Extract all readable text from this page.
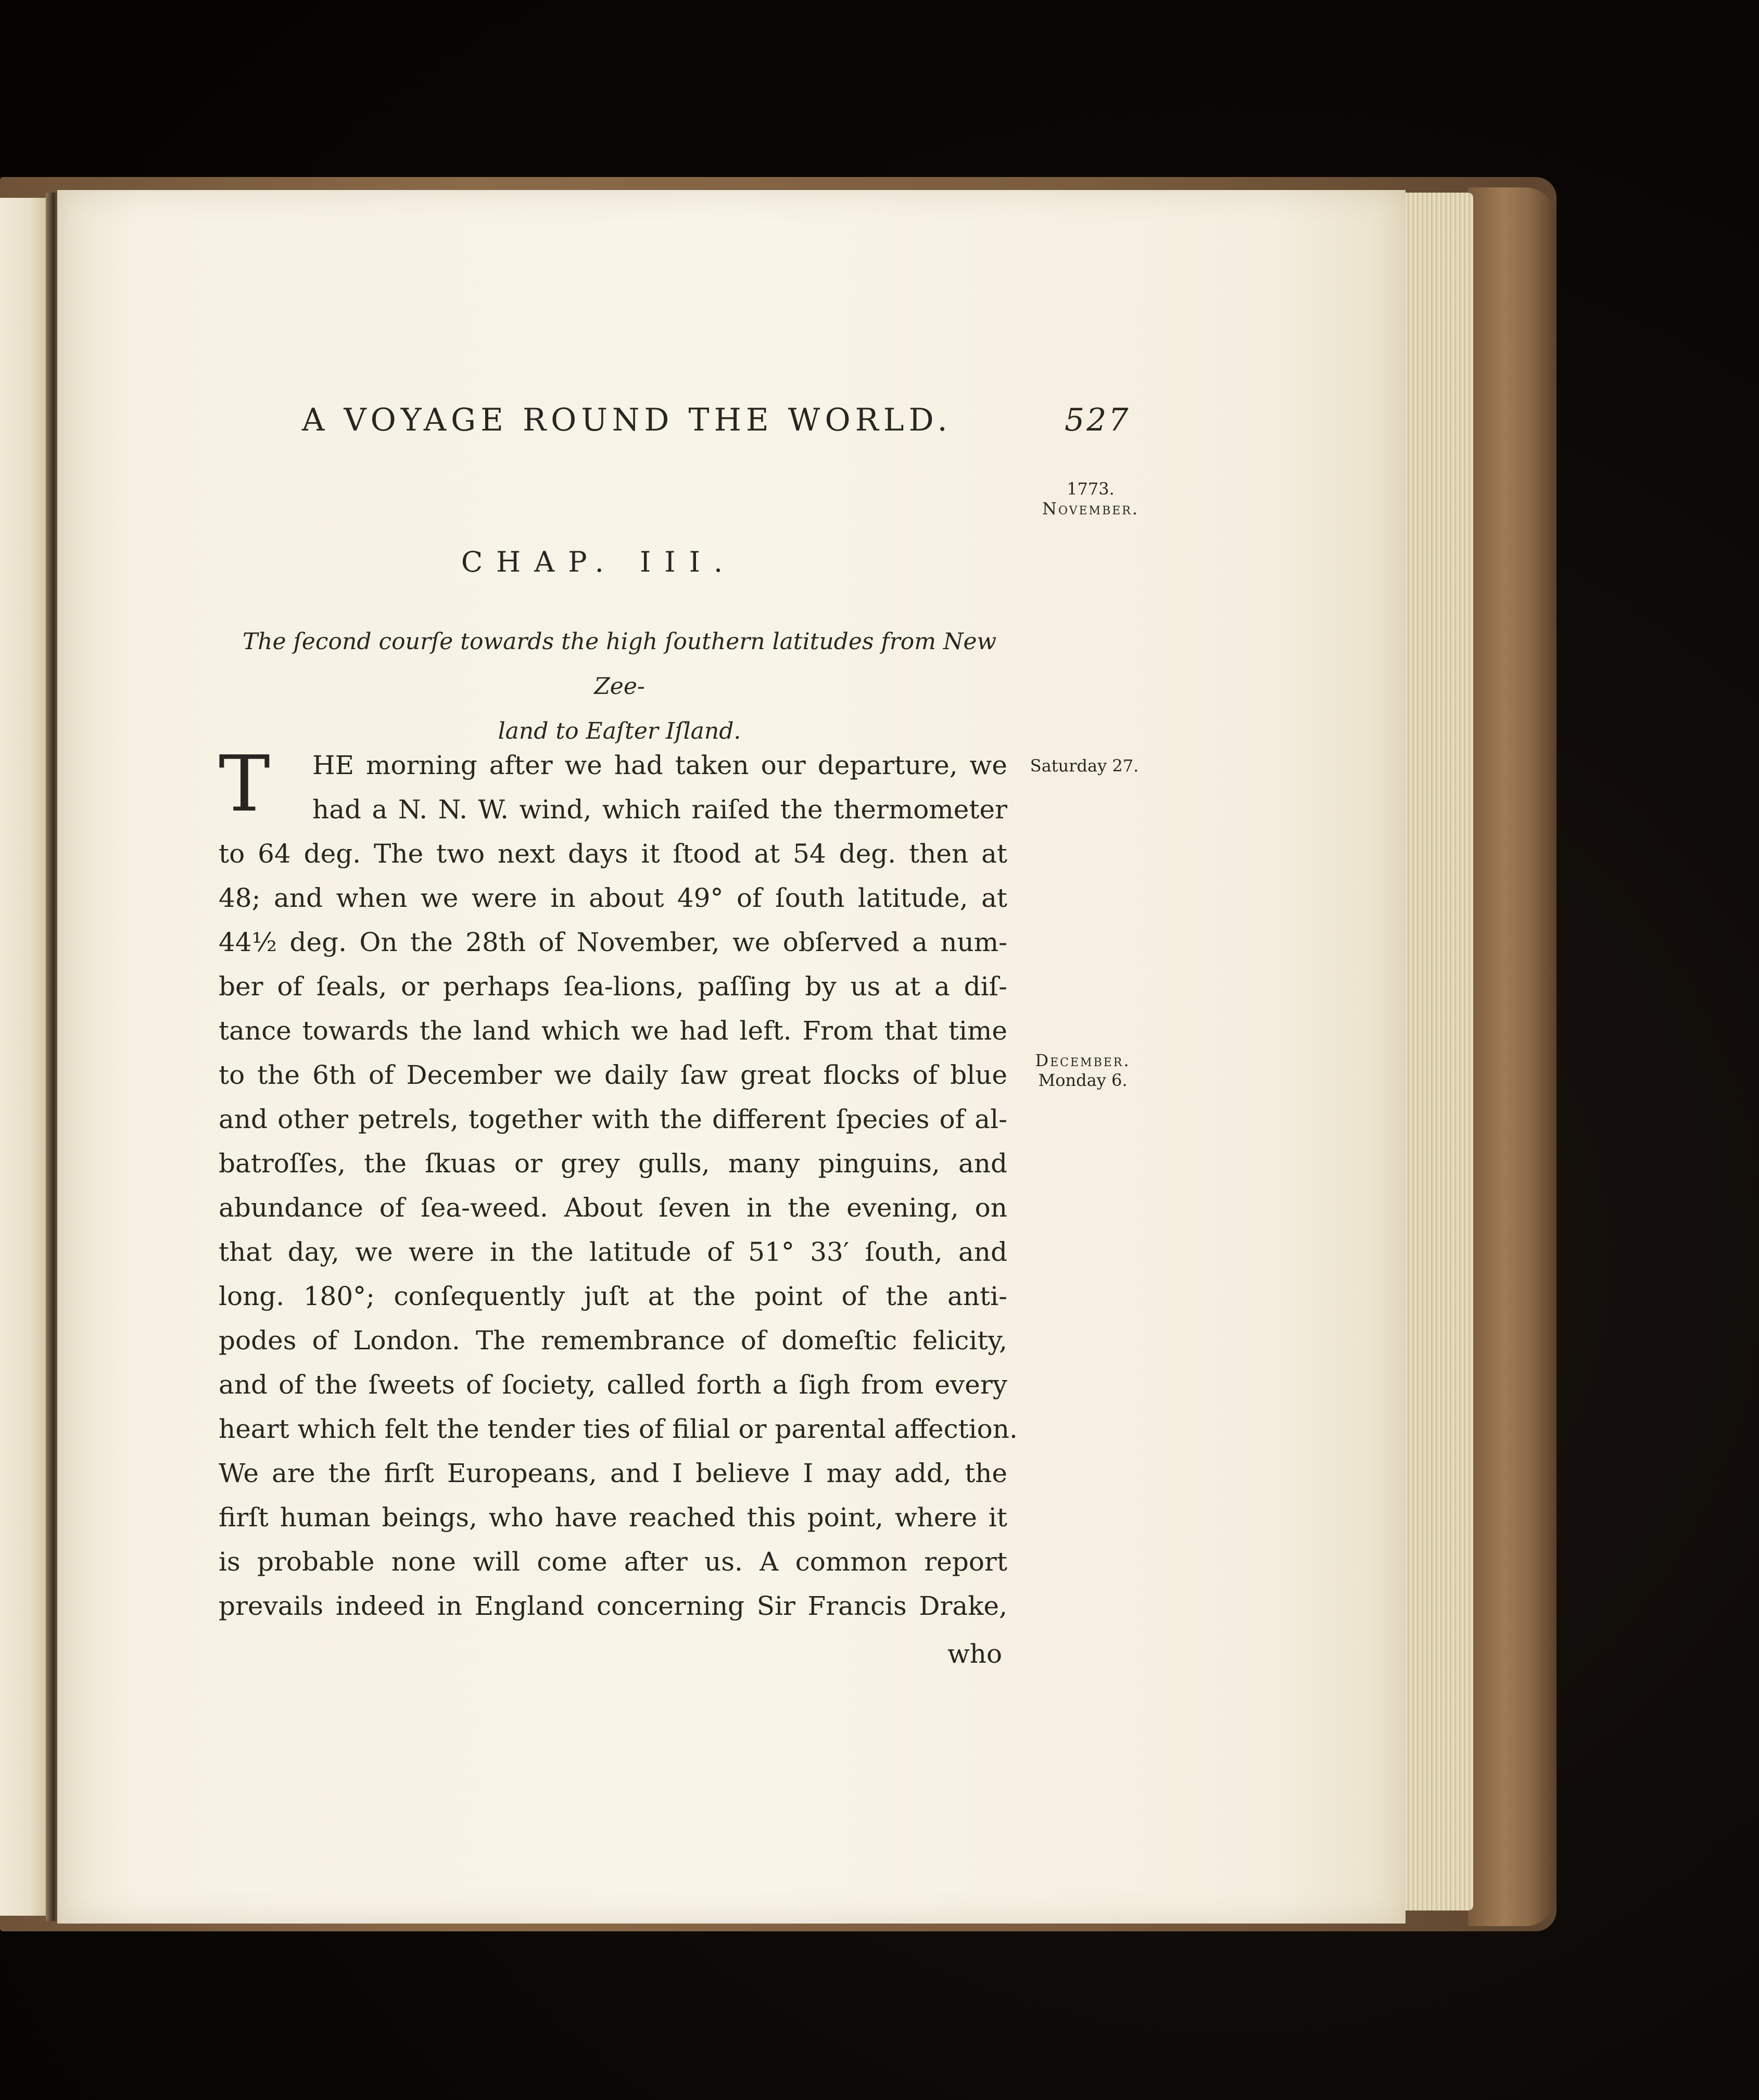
A VOYAGE ROUND THE WORLD.	527
1773.
November.
CHAP. III.
The ſecond courſe towards the high ſouthern latitudes from New Zee-
land to Eaſter Iſland.
T	Saturday 27.
December.
Monday 6.
HE morning after we had taken our departure, we
had a N. N. W. wind, which raiſed the thermometer
to 64 deg. The two next days it ſtood at 54 deg. then at
48; and when we were in about 49° of ſouth latitude, at
44½ deg. On the 28th of November, we obſerved a num-
ber of ſeals, or perhaps ſea-lions, paſſing by us at a diſ-
tance towards the land which we had left. From that time
to the 6th of December we daily ſaw great flocks of blue
and other petrels, together with the different ſpecies of al-
batroſſes, the ſkuas or grey gulls, many pinguins, and
abundance of ſea-weed. About ſeven in the evening, on
that day, we were in the latitude of 51° 33′ ſouth, and
long. 180°; conſequently juſt at the point of the anti-
podes of London. The remembrance of domeſtic felicity,
and of the ſweets of ſociety, called forth a ſigh from every
heart which felt the tender ties of filial or parental affection.
We are the firſt Europeans, and I believe I may add, the
firſt human beings, who have reached this point, where it
is probable none will come after us. A common report
prevails indeed in England concerning Sir Francis Drake,
who
